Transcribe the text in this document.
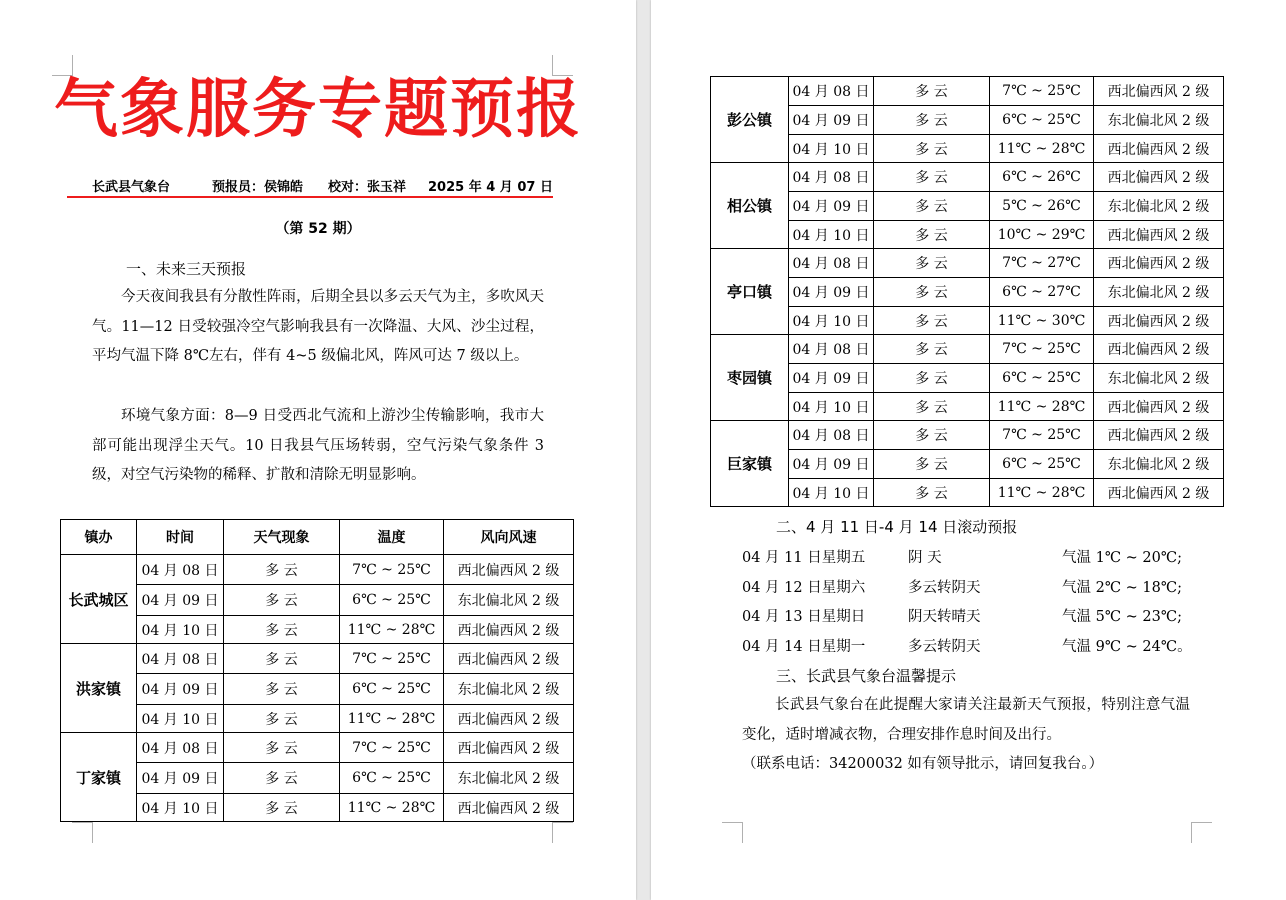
气象服务专题预报
长武县气象台	预报员：侯锦皓 校对：张玉祥 2025 年 4 月 07 日
（第 52 期）
一、未来三天预报

今天夜间我县有分散性阵雨，后期全县以多云天气为主，多吹风天气。11—12 日受较强冷空气影响我县有一次降温、大风、沙尘过程，平均气温下降 8℃左右，伴有 4~5 级偏北风，阵风可达 7 级以上。

环境气象方面：8—9 日受西北气流和上游沙尘传输影响，我市大部可能出现浮尘天气。10 日我县气压场转弱，空气污染气象条件 3 级，对空气污染物的稀释、扩散和清除无明显影响。

镇办	时间	天气现象	温度	风向风速
长武城区	04 月 08 日	多 云	7℃ ~ 25℃	西北偏西风 2 级
	04 月 09 日	多 云	6℃ ~ 25℃	东北偏北风 2 级
	04 月 10 日	多 云	11℃ ~ 28℃	西北偏西风 2 级
洪家镇	04 月 08 日	多 云	7℃ ~ 25℃	西北偏西风 2 级
	04 月 09 日	多 云	6℃ ~ 25℃	东北偏北风 2 级
	04 月 10 日	多 云	11℃ ~ 28℃	西北偏西风 2 级
丁家镇	04 月 08 日	多 云	7℃ ~ 25℃	西北偏西风 2 级
	04 月 09 日	多 云	6℃ ~ 25℃	东北偏北风 2 级
	04 月 10 日	多 云	11℃ ~ 28℃	西北偏西风 2 级
彭公镇	04 月 08 日	多 云	7℃ ~ 25℃	西北偏西风 2 级
	04 月 09 日	多 云	6℃ ~ 25℃	东北偏北风 2 级
	04 月 10 日	多 云	11℃ ~ 28℃	西北偏西风 2 级
相公镇	04 月 08 日	多 云	6℃ ~ 26℃	西北偏西风 2 级
	04 月 09 日	多 云	5℃ ~ 26℃	东北偏北风 2 级
	04 月 10 日	多 云	10℃ ~ 29℃	西北偏西风 2 级
亭口镇	04 月 08 日	多 云	7℃ ~ 27℃	西北偏西风 2 级
	04 月 09 日	多 云	6℃ ~ 27℃	东北偏北风 2 级
	04 月 10 日	多 云	11℃ ~ 30℃	西北偏西风 2 级
枣园镇	04 月 08 日	多 云	7℃ ~ 25℃	西北偏西风 2 级
	04 月 09 日	多 云	6℃ ~ 25℃	东北偏北风 2 级
	04 月 10 日	多 云	11℃ ~ 28℃	西北偏西风 2 级
巨家镇	04 月 08 日	多 云	7℃ ~ 25℃	西北偏西风 2 级
	04 月 09 日	多 云	6℃ ~ 25℃	东北偏北风 2 级
	04 月 10 日	多 云	11℃ ~ 28℃	西北偏西风 2 级
二、4 月 11 日-4 月 14 日滚动预报
04 月 11 日星期五	阴 天	气温 1℃ ~ 20℃;
04 月 12 日星期六	多云转阴天	气温 2℃ ~ 18℃;
04 月 13 日星期日	阴天转晴天	气温 5℃ ~ 23℃;
04 月 14 日星期一	多云转阴天	气温 9℃ ~ 24℃。
三、长武县气象台温馨提示

长武县气象台在此提醒大家请关注最新天气预报，特别注意气温变化，适时增减衣物，合理安排作息时间及出行。

（联系电话：34200032 如有领导批示，请回复我台。）
